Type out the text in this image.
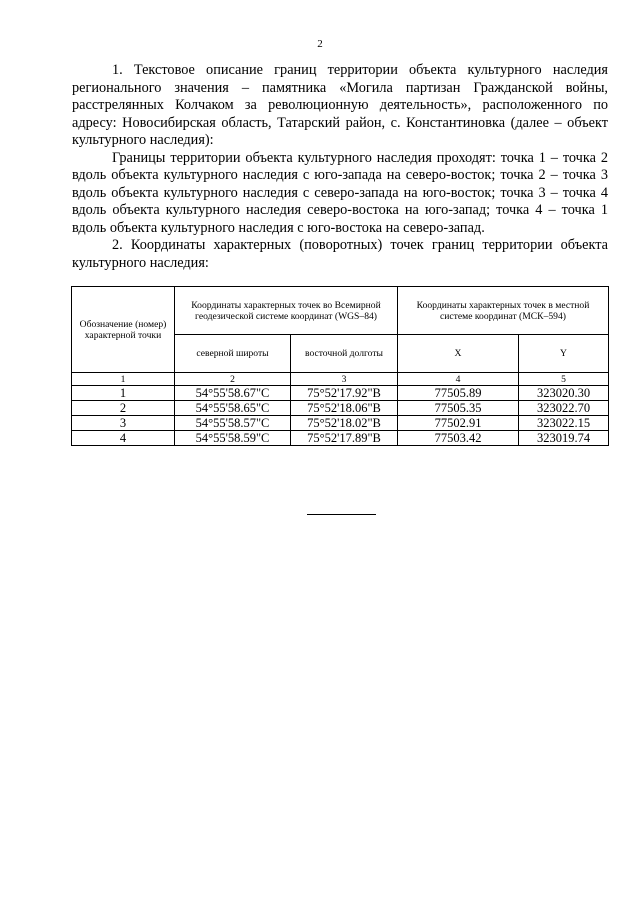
2

1. Текстовое описание границ территории объекта культурного наследия регионального значения – памятника «Могила партизан Гражданской войны, расстрелянных Колчаком за революционную деятельность», расположенного по адресу: Новосибирская область, Татарский район, с. Константиновка (далее – объект культурного наследия):

Границы территории объекта культурного наследия проходят: точка 1 – точка 2 вдоль объекта культурного наследия с юго-запада на северо-восток; точка 2 – точка 3 вдоль объекта культурного наследия с северо-запада на юго-восток; точка 3 – точка 4 вдоль объекта культурного наследия северо-востока на юго-запад; точка 4 – точка 1 вдоль объекта культурного наследия с юго-востока на северо-запад.

2. Координаты характерных (поворотных) точек границ территории объекта культурного наследия:

Обозначение (номер) характерной точки	Координаты характерных точек во Всемирной геодезической системе координат (WGS–84)		Координаты характерных точек в местной системе координат (МСК–594)	
	северной широты	восточной долготы	X	Y
1	2	3	4	5
1	54°55'58.67"С	75°52'17.92"В	77505.89	323020.30
2	54°55'58.65"С	75°52'18.06"В	77505.35	323022.70
3	54°55'58.57"С	75°52'18.02"В	77502.91	323022.15
4	54°55'58.59"С	75°52'17.89"В	77503.42	323019.74
